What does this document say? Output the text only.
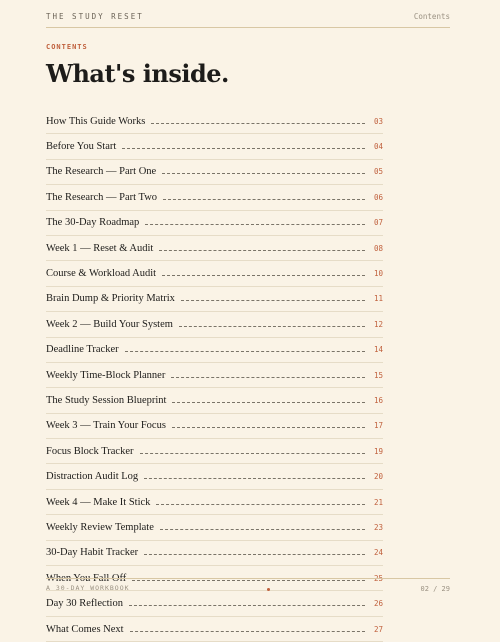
THE STUDY RESET	Contents
CONTENTS
What's inside.
How This Guide Works	03
Before You Start	04
The Research — Part One	05
The Research — Part Two	06
The 30-Day Roadmap	07
Week 1 — Reset & Audit	08
Course & Workload Audit	10
Brain Dump & Priority Matrix	11
Week 2 — Build Your System	12
Deadline Tracker	14
Weekly Time-Block Planner	15
The Study Session Blueprint	16
Week 3 — Train Your Focus	17
Focus Block Tracker	19
Distraction Audit Log	20
Week 4 — Make It Stick	21
Weekly Review Template	23
30-Day Habit Tracker	24
When You Fall Off	25
Day 30 Reflection	26
What Comes Next	27
A 30-DAY WORKBOOK	02 / 29
